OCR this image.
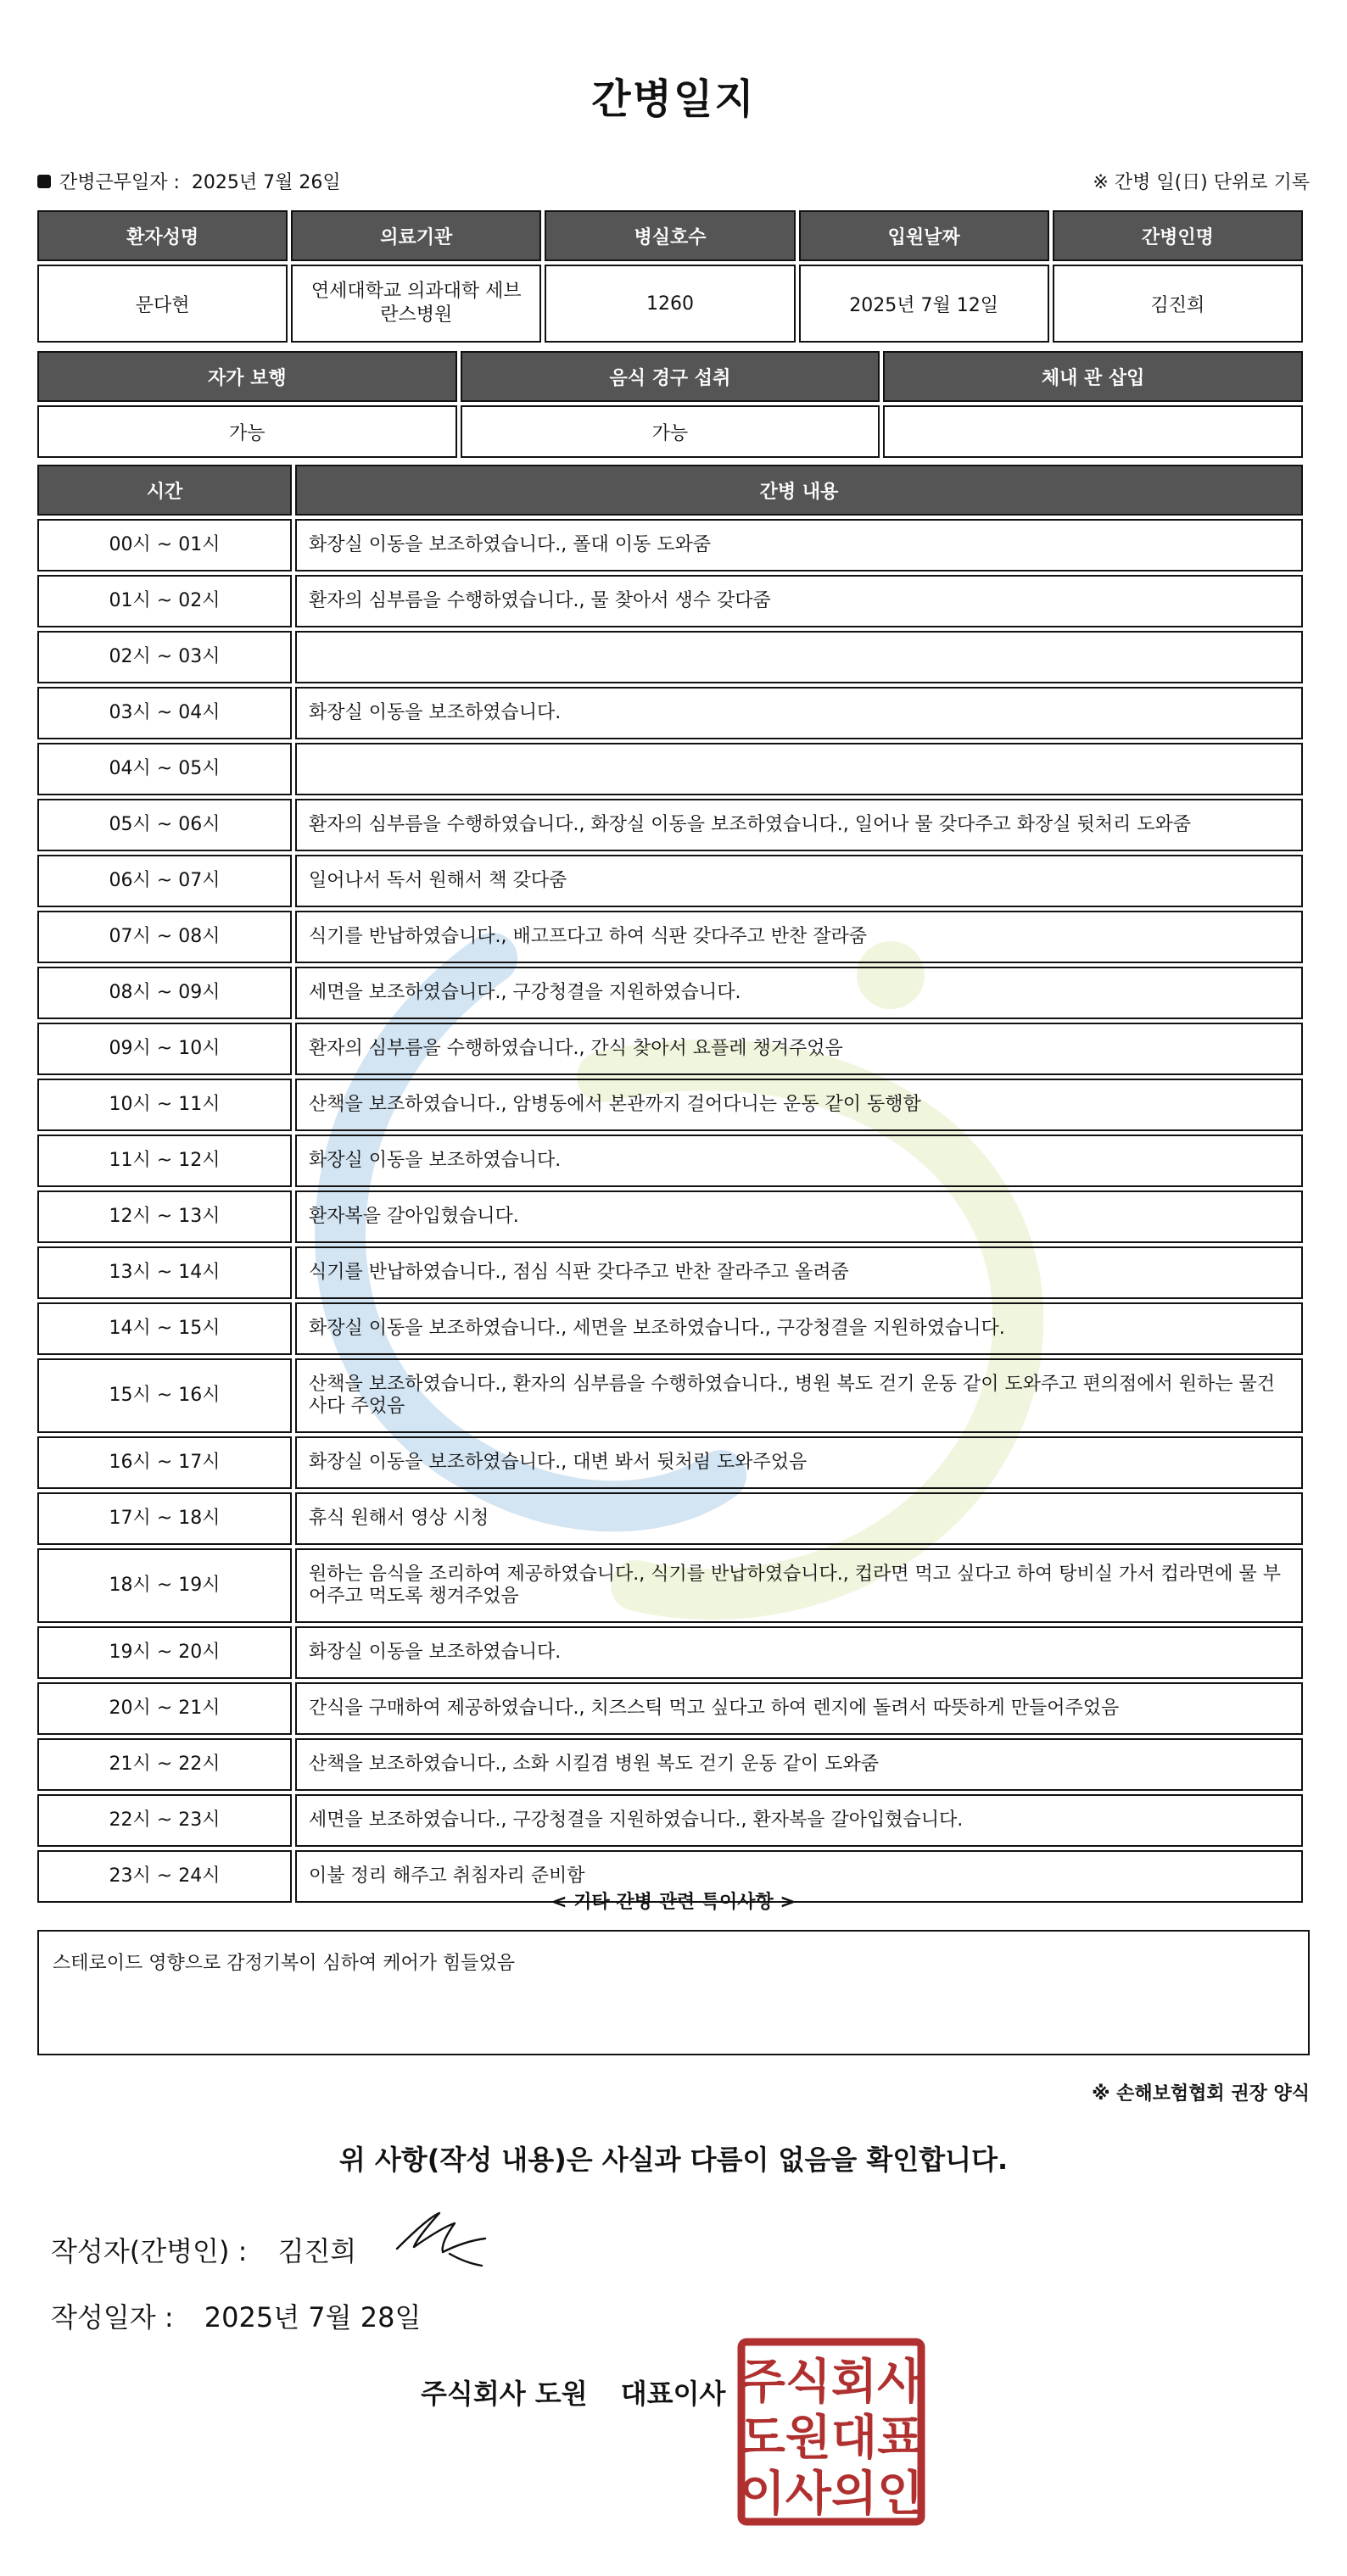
간병일지
간병근무일자 : 2025년 7월 26일	※ 간병 일(日) 단위로 기록
환자성명	의료기관	병실호수	입원날짜	간병인명
문다현	연세대학교 의과대학 세브란스병원	1260	2025년 7월 12일	김진희
자가 보행	음식 경구 섭취	체내 관 삽입
가능	가능	
시간	간병 내용
00시 ~ 01시	화장실 이동을 보조하였습니다., 폴대 이동 도와줌
01시 ~ 02시	환자의 심부름을 수행하였습니다., 물 찾아서 생수 갖다줌
02시 ~ 03시	
03시 ~ 04시	화장실 이동을 보조하였습니다.
04시 ~ 05시	
05시 ~ 06시	환자의 심부름을 수행하였습니다., 화장실 이동을 보조하였습니다., 일어나 물 갖다주고 화장실 뒷처리 도와줌
06시 ~ 07시	일어나서 독서 원해서 책 갖다줌
07시 ~ 08시	식기를 반납하였습니다., 배고프다고 하여 식판 갖다주고 반찬 잘라줌
08시 ~ 09시	세면을 보조하였습니다., 구강청결을 지원하였습니다.
09시 ~ 10시	환자의 심부름을 수행하였습니다., 간식 찾아서 요플레 챙겨주었음
10시 ~ 11시	산책을 보조하였습니다., 암병동에서 본관까지 걸어다니는 운동 같이 동행함
11시 ~ 12시	화장실 이동을 보조하였습니다.
12시 ~ 13시	환자복을 갈아입혔습니다.
13시 ~ 14시	식기를 반납하였습니다., 점심 식판 갖다주고 반찬 잘라주고 올려줌
14시 ~ 15시	화장실 이동을 보조하였습니다., 세면을 보조하였습니다., 구강청결을 지원하였습니다.
15시 ~ 16시	산책을 보조하였습니다., 환자의 심부름을 수행하였습니다., 병원 복도 걷기 운동 같이 도와주고 편의점에서 원하는 물건 사다 주었음
16시 ~ 17시	화장실 이동을 보조하였습니다., 대변 봐서 뒷처림 도와주었음
17시 ~ 18시	휴식 원해서 영상 시청
18시 ~ 19시	원하는 음식을 조리하여 제공하였습니다., 식기를 반납하였습니다., 컵라면 먹고 싶다고 하여 탕비실 가서 컵라면에 물 부어주고 먹도록 챙겨주었음
19시 ~ 20시	화장실 이동을 보조하였습니다.
20시 ~ 21시	간식을 구매하여 제공하였습니다., 치즈스틱 먹고 싶다고 하여 렌지에 돌려서 따뜻하게 만들어주었음
21시 ~ 22시	산책을 보조하였습니다., 소화 시킬겸 병원 복도 걷기 운동 같이 도와줌
22시 ~ 23시	세면을 보조하였습니다., 구강청결을 지원하였습니다., 환자복을 갈아입혔습니다.
23시 ~ 24시	이불 정리 해주고 취침자리 준비함
< 기타 간병 관련 특이사항 >
스테로이드 영향으로 감정기복이 심하여 케어가 힘들었음
※ 손해보험협회 권장 양식
위 사항(작성 내용)은 사실과 다름이 없음을 확인합니다.
작성자(간병인) : 김진희
작성일자 : 2025년 7월 28일
주식회사 도원 대표이사 주식회사
도원대표
이사의인
